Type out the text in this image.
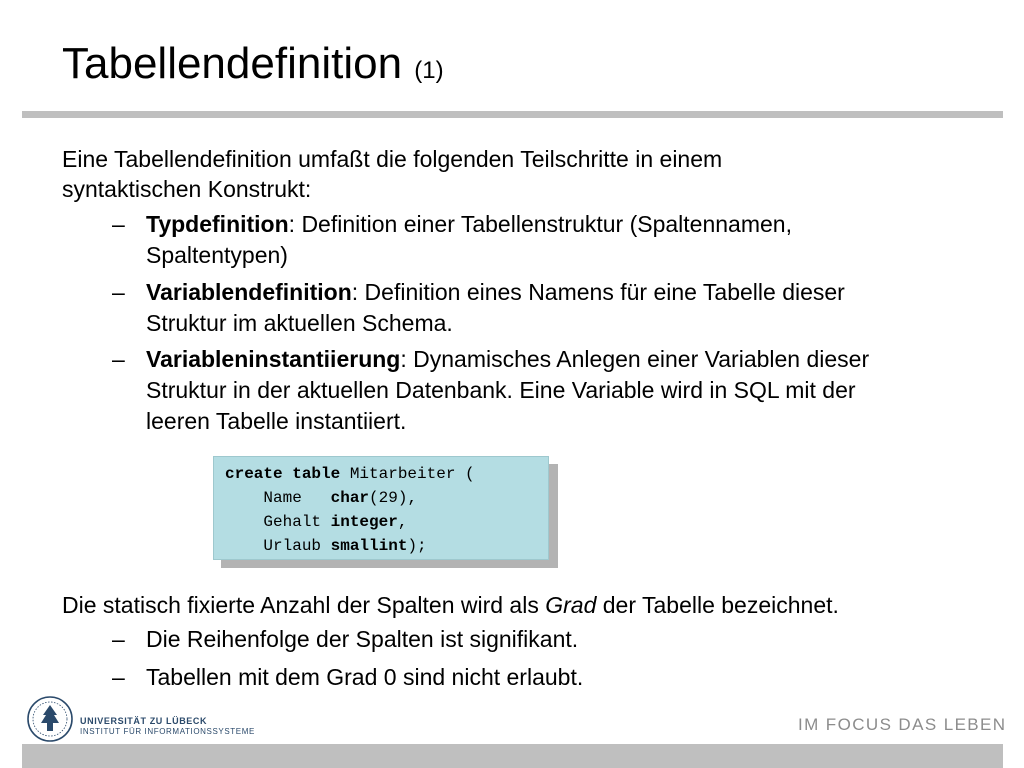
Tabellendefinition (1)
Eine Tabellendefinition umfaßt die folgenden Teilschritte in einem
syntaktischen Konstrukt:
– Typdefinition: Definition einer Tabellenstruktur (Spaltennamen,
Spaltentypen)
– Variablendefinition: Definition eines Namens für eine Tabelle dieser
Struktur im aktuellen Schema.
– Variableninstantiierung: Dynamisches Anlegen einer Variablen dieser
Struktur in der aktuellen Datenbank. Eine Variable wird in SQL mit der
leeren Tabelle instantiiert.
create table Mitarbeiter (
Name   char(29),
Gehalt integer,
Urlaub smallint);
Die statisch fixierte Anzahl der Spalten wird als Grad der Tabelle bezeichnet.
– Die Reihenfolge der Spalten ist signifikant.
– Tabellen mit dem Grad 0 sind nicht erlaubt.
UNIVERSITÄT ZU LÜBECK
INSTITUT FÜR INFORMATIONSSYSTEME	IM FOCUS DAS LEBEN
